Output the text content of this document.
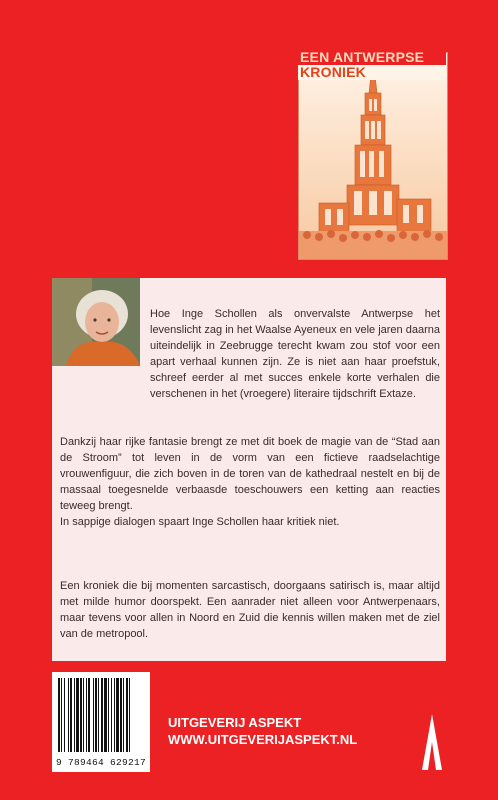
EEN ANTWERPSE
KRONIEK

Hoe Inge Schollen als onvervalste Antwerpse het levenslicht zag in het Waalse Ayeneux en vele jaren daarna uiteindelijk in Zeebrugge terecht kwam zou stof voor een apart verhaal kunnen zijn. Ze is niet aan haar proefstuk, schreef eerder al met succes enkele korte verhalen die verschenen in het (vroegere) literaire tijdschrift Extaze.

Dankzij haar rijke fantasie brengt ze met dit boek de magie van de “Stad aan de Stroom” tot leven in de vorm van een fictieve raadselachtige vrouwenfiguur, die zich boven in de toren van de kathedraal nestelt en bij de massaal toegesnelde verbaasde toeschouwers een ketting aan reacties teweeg brengt.

In sappige dialogen spaart Inge Schollen haar kritiek niet.

Een kroniek die bij momenten sarcastisch, doorgaans satirisch is, maar altijd met milde humor doorspekt. Een aanrader niet alleen voor Antwerpenaars, maar tevens voor allen in Noord en Zuid die kennis willen maken met de ziel van de metropool.

9 789464 629217
UITGEVERIJ ASPEKT
WWW.UITGEVERIJASPEKT.NL
